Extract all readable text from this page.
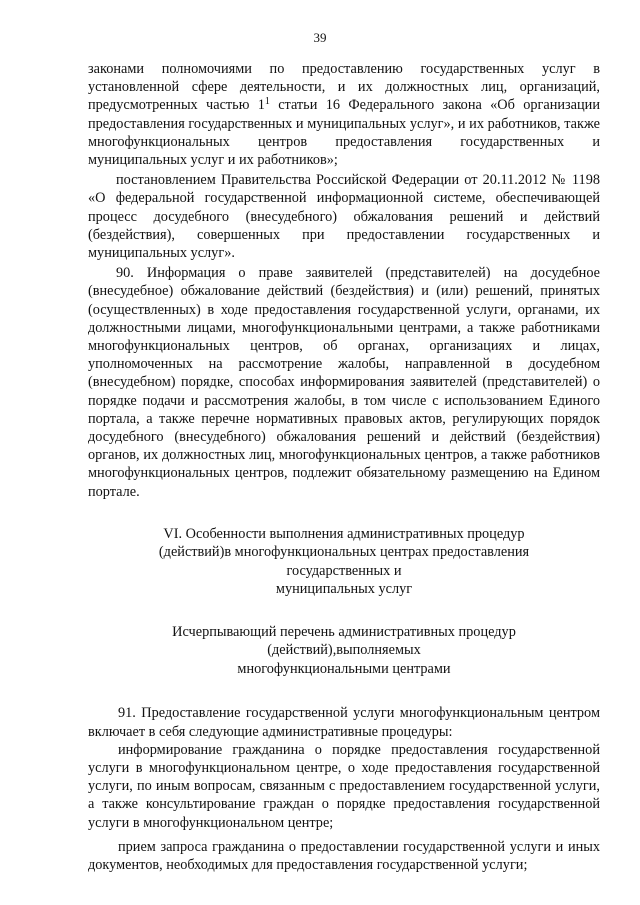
39

законами полномочиями по предоставлению государственных услуг в установленной сфере деятельности, и их должностных лиц, организаций, предусмотренных частью $1^1$ статьи 16 Федерального закона «Об организации предоставления государственных и муниципальных услуг», и их работников, также многофункциональных центров предоставления государственных и муниципальных услуг и их работников»;

постановлением Правительства Российской Федерации от 20.11.2012 № 1198 «О федеральной государственной информационной системе, обеспечивающей процесс досудебного (внесудебного) обжалования решений и действий (бездействия), совершенных при предоставлении государственных и муниципальных услуг».

90. Информация о праве заявителей (представителей) на досудебное (внесудебное) обжалование действий (бездействия) и (или) решений, принятых (осуществленных) в ходе предоставления государственной услуги, органами, их должностными лицами, многофункциональными центрами, а также работниками многофункциональных центров, об органах, организациях и лицах, уполномоченных на рассмотрение жалобы, направленной в досудебном (внесудебном) порядке, способах информирования заявителей (представителей) о порядке подачи и рассмотрения жалобы, в том числе с использованием Единого портала, а также перечне нормативных правовых актов, регулирующих порядок досудебного (внесудебного) обжалования решений и действий (бездействия) органов, их должностных лиц, многофункциональных центров, а также работников многофункциональных центров, подлежит обязательному размещению на Едином портале.

VI. Особенности выполнения административных процедур

(действий)в многофункциональных центрах предоставления

государственных и

муниципальных услуг

Исчерпывающий перечень административных процедур

(действий),выполняемых

многофункциональными центрами

91. Предоставление государственной услуги многофункциональным центром включает в себя следующие административные процедуры:

информирование гражданина о порядке предоставления государственной услуги в многофункциональном центре, о ходе предоставления государственной услуги, по иным вопросам, связанным с предоставлением государственной услуги, а также консультирование граждан о порядке предоставления государственной услуги в многофункциональном центре;

прием запроса гражданина о предоставлении государственной услуги и иных документов, необходимых для предоставления государственной услуги;
